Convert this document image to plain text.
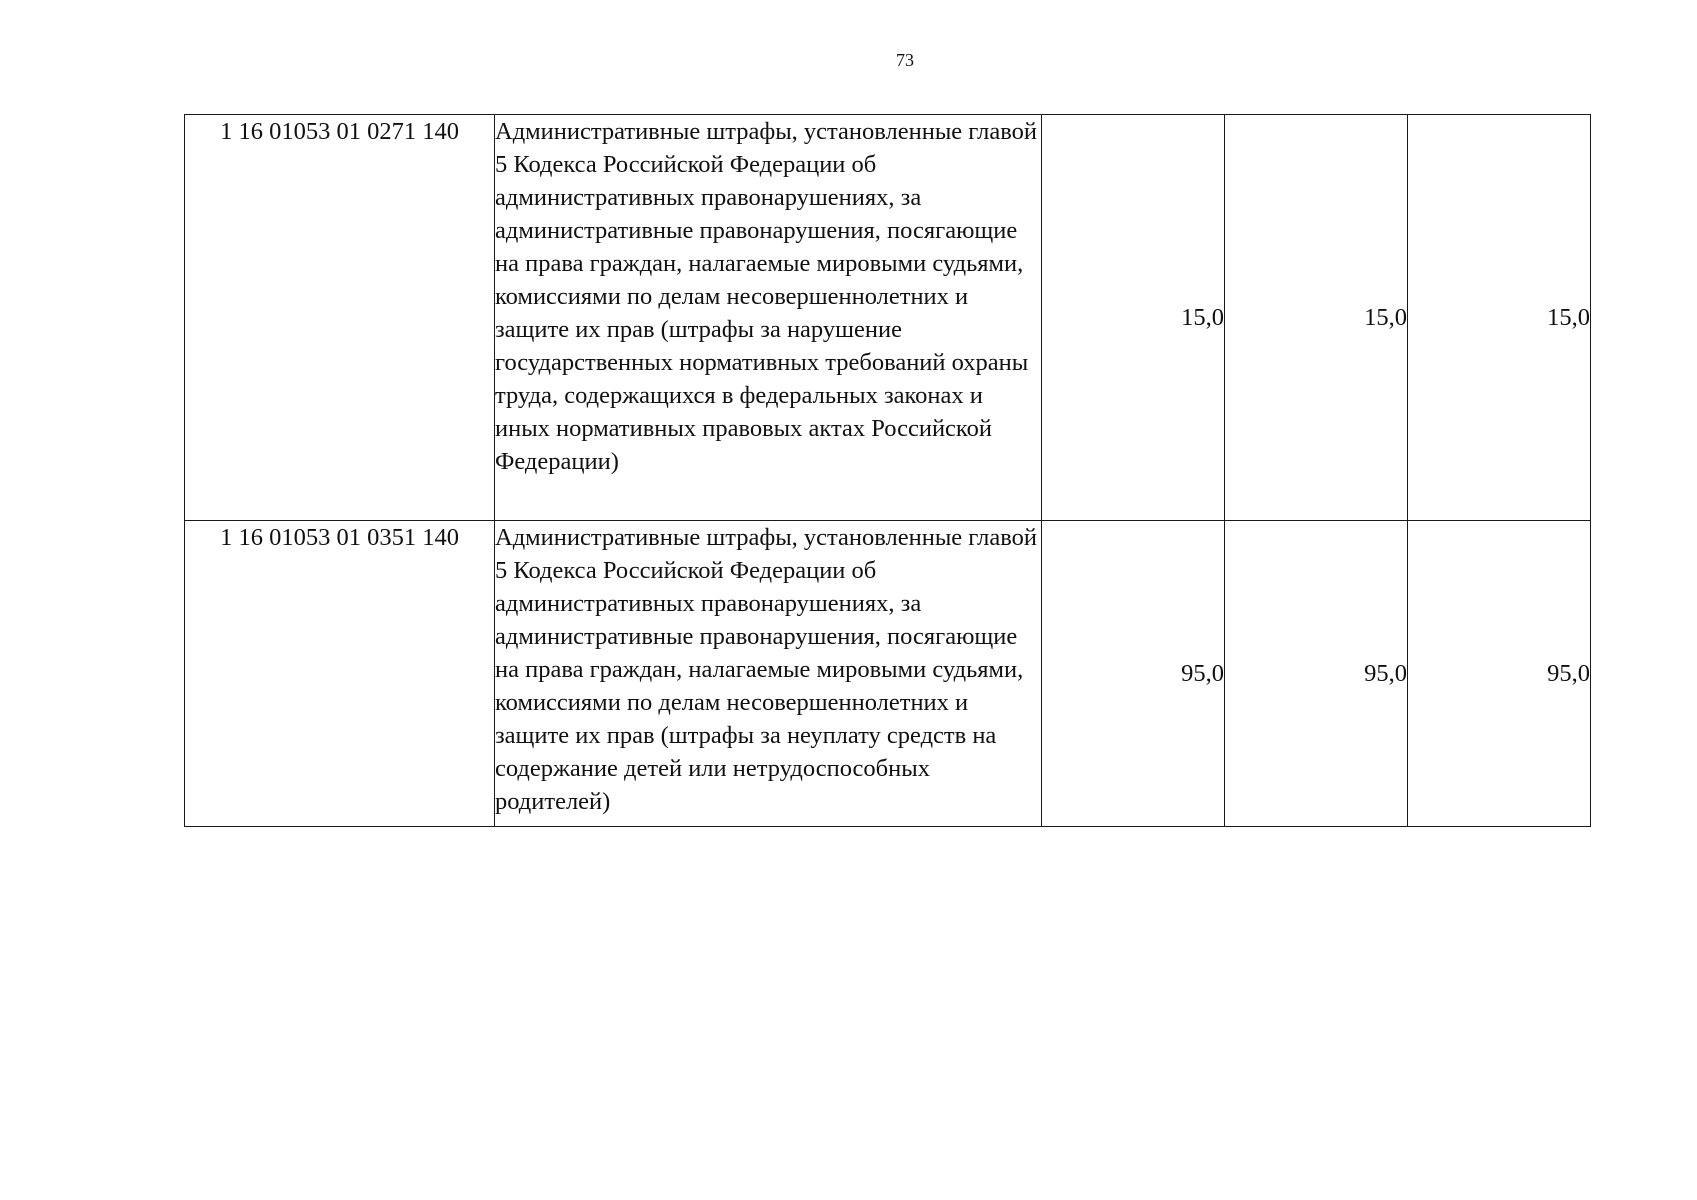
73
1 16 01053 01 0271 140	Административные штрафы, установленные главой 5 Кодекса Российской Федерации об административных правонарушениях, за административные правонарушения, посягающие на права граждан, налагаемые мировыми судьями, комиссиями по делам несовершеннолетних и защите их прав (штрафы за нарушение государственных нормативных требований охраны труда, содержащихся в федеральных законах и иных нормативных правовых актах Российской Федерации)	15,0	15,0	15,0
1 16 01053 01 0351 140	Административные штрафы, установленные главой 5 Кодекса Российской Федерации об административных правонарушениях, за административные правонарушения, посягающие на права граждан, налагаемые мировыми судьями, комиссиями по делам несовершеннолетних и защите их прав (штрафы за неуплату средств на содержание детей или нетрудоспособных родителей)	95,0	95,0	95,0
